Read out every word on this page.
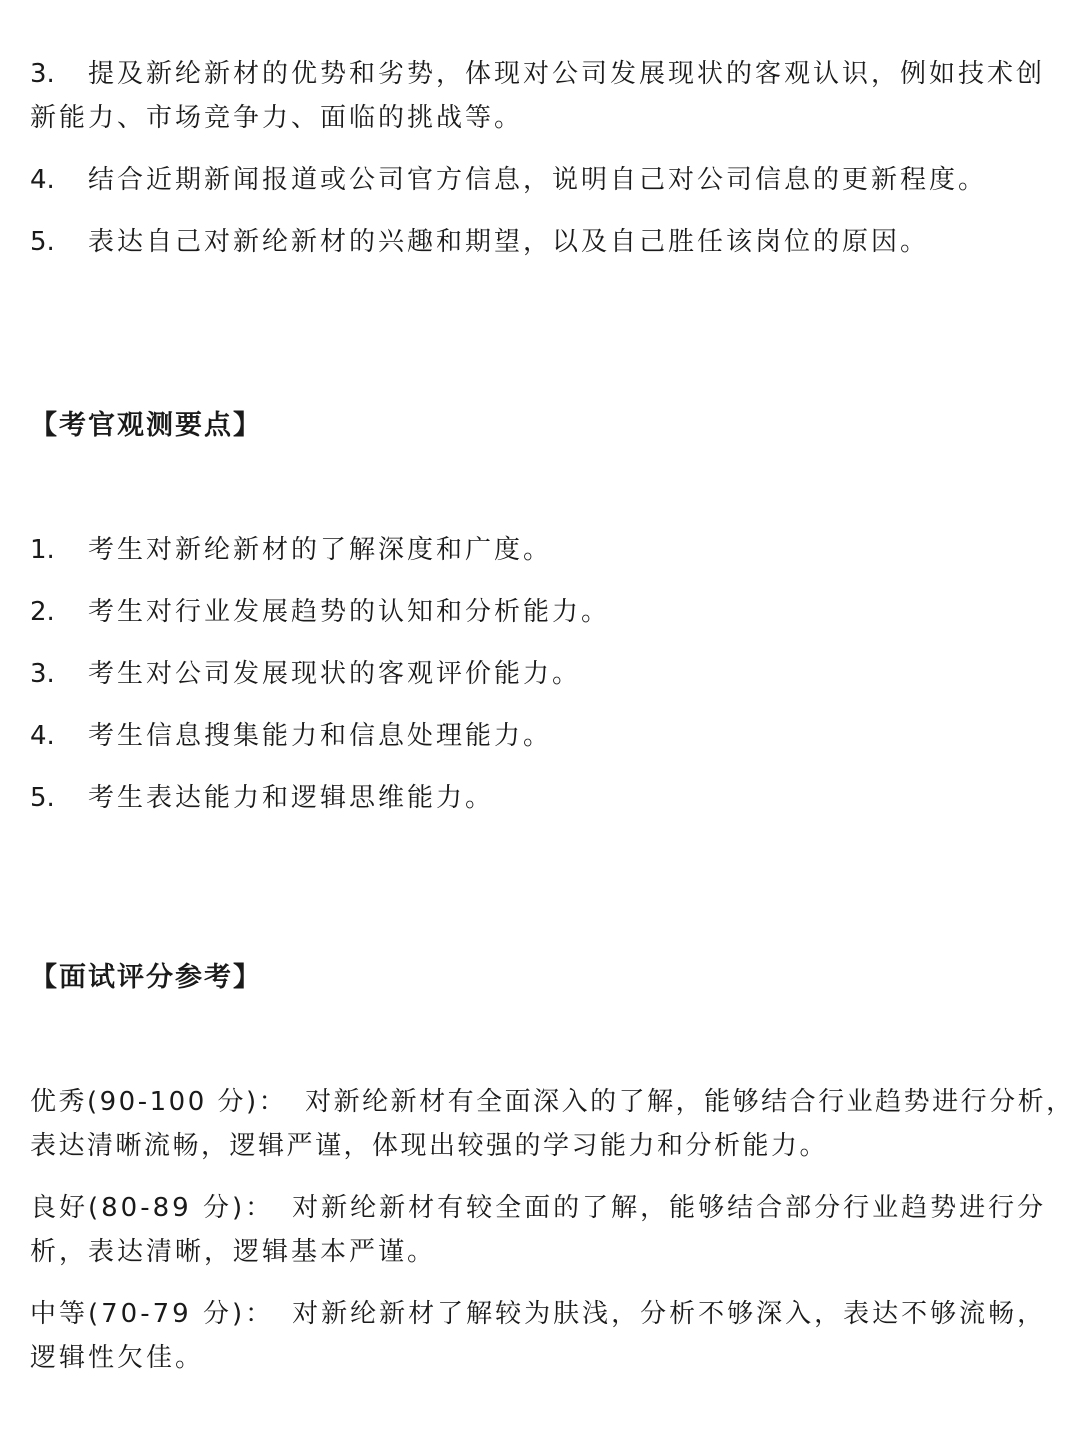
3. 提及新纶新材的优势和劣势，体现对公司发展现状的客观认识，例如技术创
新能力、市场竞争力、面临的挑战等。
4. 结合近期新闻报道或公司官方信息，说明自己对公司信息的更新程度。
5. 表达自己对新纶新材的兴趣和期望，以及自己胜任该岗位的原因。
【考官观测要点】
1. 考生对新纶新材的了解深度和广度。
2. 考生对行业发展趋势的认知和分析能力。
3. 考生对公司发展现状的客观评价能力。
4. 考生信息搜集能力和信息处理能力。
5. 考生表达能力和逻辑思维能力。
【面试评分参考】
优秀(90-100 分)： 对新纶新材有全面深入的了解，能够结合行业趋势进行分析，
表达清晰流畅，逻辑严谨，体现出较强的学习能力和分析能力。
良好(80-89 分)： 对新纶新材有较全面的了解，能够结合部分行业趋势进行分
析，表达清晰，逻辑基本严谨。
中等(70-79 分)： 对新纶新材了解较为肤浅，分析不够深入，表达不够流畅，
逻辑性欠佳。
